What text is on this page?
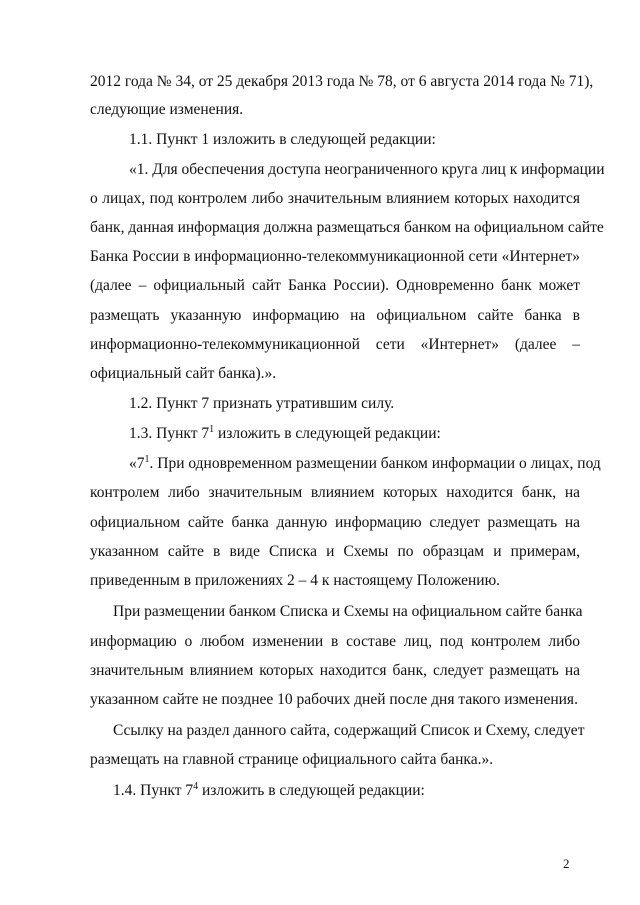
2012 года № 34, от 25 декабря 2013 года № 78, от 6 августа 2014 года № 71),
следующие изменения.
1.1. Пункт 1 изложить в следующей редакции:
«1. Для обеспечения доступа неограниченного круга лиц к информации
о лицах, под контролем либо значительным влиянием которых находится
банк, данная информация должна размещаться банком на официальном сайте
Банка России в информационно-телекоммуникационной сети «Интернет»
(далее – официальный сайт Банка России). Одновременно банк может
размещать указанную информацию на официальном сайте банка в
информационно-телекоммуникационной сети «Интернет» (далее –
официальный сайт банка).».
1.2. Пункт 7 признать утратившим силу.
1.3. Пункт $7^1$ изложить в следующей редакции:
«$7^1$. При одновременном размещении банком информации о лицах, под
контролем либо значительным влиянием которых находится банк, на
официальном сайте банка данную информацию следует размещать на
указанном сайте в виде Списка и Схемы по образцам и примерам,
приведенным в приложениях 2 – 4 к настоящему Положению.
При размещении банком Списка и Схемы на официальном сайте банка
информацию о любом изменении в составе лиц, под контролем либо
значительным влиянием которых находится банк, следует размещать на
указанном сайте не позднее 10 рабочих дней после дня такого изменения.
Ссылку на раздел данного сайта, содержащий Список и Схему, следует
размещать на главной странице официального сайта банка.».
1.4. Пункт $7^4$ изложить в следующей редакции:
2
